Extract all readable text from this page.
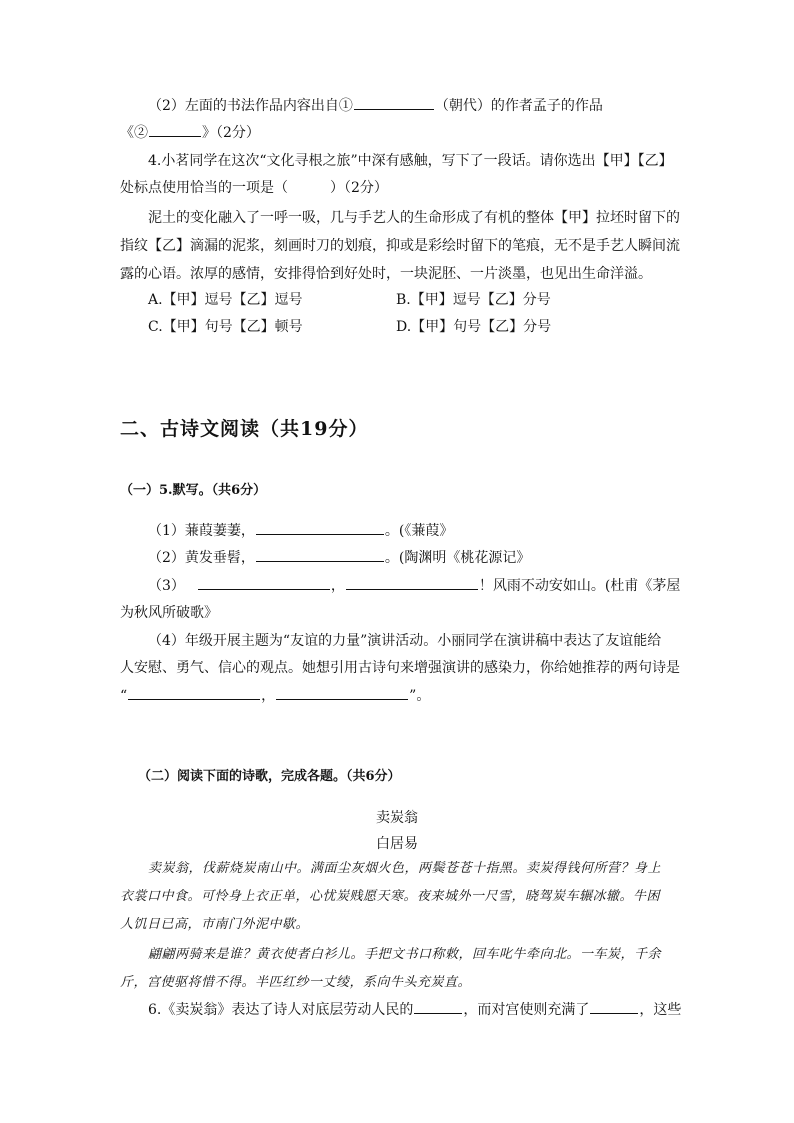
（2）左面的书法作品内容出自①	（朝代）的作者孟子的作品
《②	》（2分）
4.小茗同学在这次“文化寻根之旅”中深有感触，写下了一段话。请你选出【甲】【乙】
处标点使用恰当的一项是（　　　）（2分）
泥土的变化融入了一呼一吸，几与手艺人的生命形成了有机的整体【甲】拉坯时留下的
指纹【乙】滴漏的泥浆，刻画时刀的划痕，抑或是彩绘时留下的笔痕，无不是手艺人瞬间流
露的心语。浓厚的感情，安排得恰到好处时，一块泥胚、一片淡墨，也见出生命洋溢。
A.【甲】逗号【乙】逗号	B.【甲】逗号【乙】分号
C.【甲】句号【乙】顿号	D.【甲】句号【乙】分号
二、古诗文阅读（共19分）
（一）5.默写。（共6分）
（1）蒹葭萋萋，	。(《蒹葭》
（2）黄发垂髫，	。(陶渊明《桃花源记》
（3）	，	！风雨不动安如山。(杜甫《茅屋
为秋风所破歌》
（4）年级开展主题为“友谊的力量”演讲活动。小丽同学在演讲稿中表达了友谊能给
人安慰、勇气、信心的观点。她想引用古诗句来增强演讲的感染力，你给她推荐的两句诗是
“	，	”。
（二）阅读下面的诗歌，完成各题。（共6分）
卖炭翁
白居易
卖炭翁，伐薪烧炭南山中。满面尘灰烟火色，两鬓苍苍十指黑。卖炭得钱何所营？身上
衣裳口中食。可怜身上衣正单，心忧炭贱愿天寒。夜来城外一尺雪，晓驾炭车辗冰辙。牛困
人饥日已高，市南门外泥中歇。
翩翩两骑来是谁？黄衣使者白衫儿。手把文书口称敕，回车叱牛牵向北。一车炭，千余
斤，宫使驱将惜不得。半匹红纱一丈绫，系向牛头充炭直。
6.《卖炭翁》表达了诗人对底层劳动人民的	，而对宫使则充满了	，这些
